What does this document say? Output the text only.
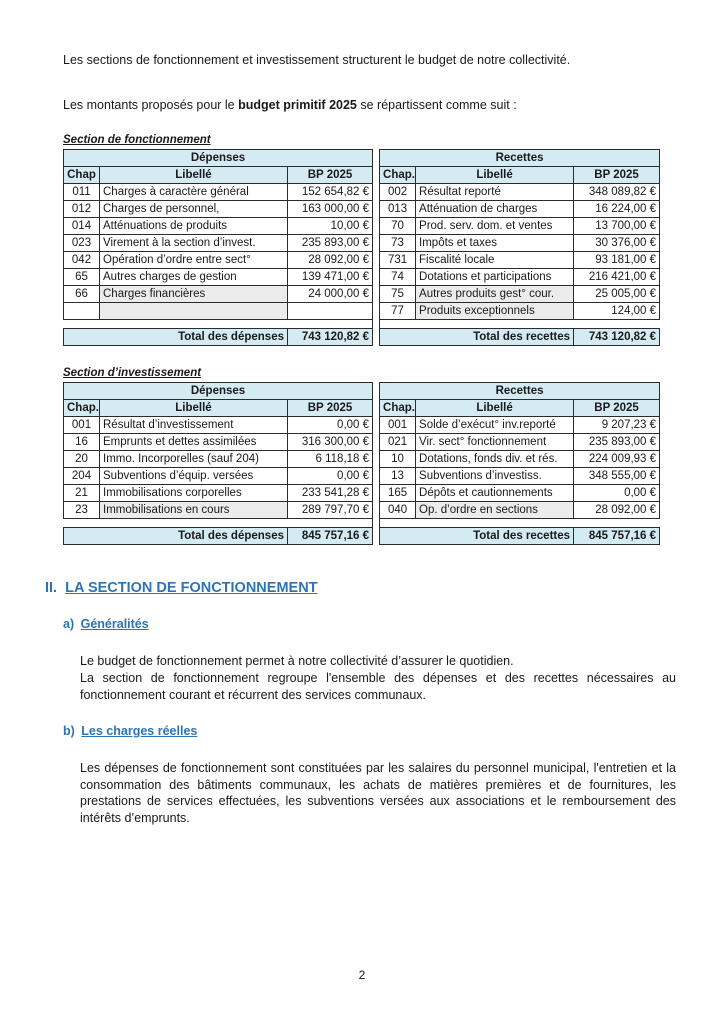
Les sections de fonctionnement et investissement structurent le budget de notre collectivité.
Les montants proposés pour le budget primitif 2025 se répartissent comme suit :
Section de fonctionnement
Dépenses				Recettes		
Chap	Libellé	BP 2025		Chap.	Libellé	BP 2025
011	Charges à caractère général	152 654,82 €		002	Résultat reporté	348 089,82 €
012	Charges de personnel,	163 000,00 €		013	Atténuation de charges	16 224,00 €
014	Atténuations de produits	10,00 €		70	Prod. serv. dom. et ventes	13 700,00 €
023	Virement à la section d’invest.	235 893,00 €		73	Impôts et taxes	30 376,00 €
042	Opération d’ordre entre sect°	28 092,00 €		731	Fiscalité locale	93 181,00 €
65	Autres charges de gestion	139 471,00 €		74	Dotations et participations	216 421,00 €
66	Charges financières	24 000,00 €		75	Autres produits gest° cour.	25 005,00 €
				77	Produits exceptionnels	124,00 €

Total des dépenses		743 120,82 €		Total des recettes		743 120,82 €
Section d’investissement
Dépenses				Recettes		
Chap.	Libellé	BP 2025		Chap.	Libellé	BP 2025
001	Résultat d’investissement	0,00 €		001	Solde d’exécut° inv.reporté	9 207,23 €
16	Emprunts et dettes assimilées	316 300,00 €		021	Vir. sect° fonctionnement	235 893,00 €
20	Immo. Incorporelles (sauf 204)	6 118,18 €		10	Dotations, fonds div. et rés.	224 009,93 €
204	Subventions d’équip. versées	0,00 €		13	Subventions d’investiss.	348 555,00 €
21	Immobilisations corporelles	233 541,28 €		165	Dépôts et cautionnements	0,00 €
23	Immobilisations en cours	289 797,70 €		040	Op. d’ordre en sections	28 092,00 €

Total des dépenses		845 757,16 €		Total des recettes		845 757,16 €
II. LA SECTION DE FONCTIONNEMENT
a) Généralités
Le budget de fonctionnement permet à notre collectivité d’assurer le quotidien.
La section de fonctionnement regroupe l'ensemble des dépenses et des recettes nécessaires au fonctionnement courant et récurrent des services communaux.
b) Les charges réelles
Les dépenses de fonctionnement sont constituées par les salaires du personnel municipal, l'entretien et la consommation des bâtiments communaux, les achats de matières premières et de fournitures, les prestations de services effectuées, les subventions versées aux associations et le remboursement des intérêts d’emprunts.
2
